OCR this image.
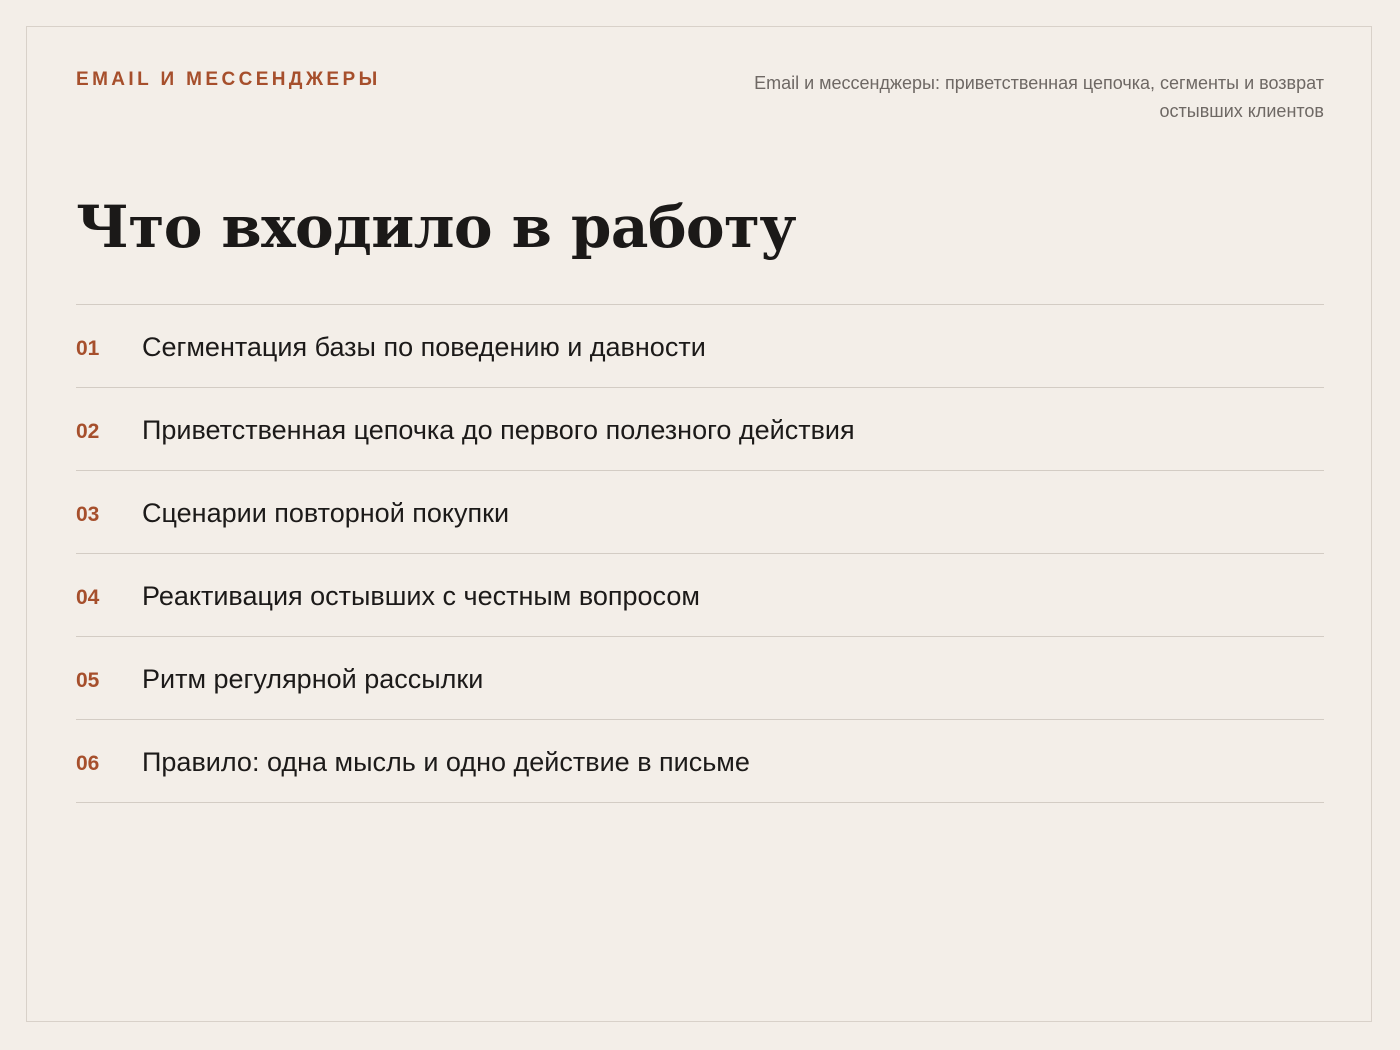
EMAIL И МЕССЕНДЖЕРЫ	Email и мессенджеры: приветственная цепочка, сегменты и возврат остывших клиентов
Что входило в работу
01 Сегментация базы по поведению и давности
02 Приветственная цепочка до первого полезного действия
03 Сценарии повторной покупки
04 Реактивация остывших с честным вопросом
05 Ритм регулярной рассылки
06 Правило: одна мысль и одно действие в письме
